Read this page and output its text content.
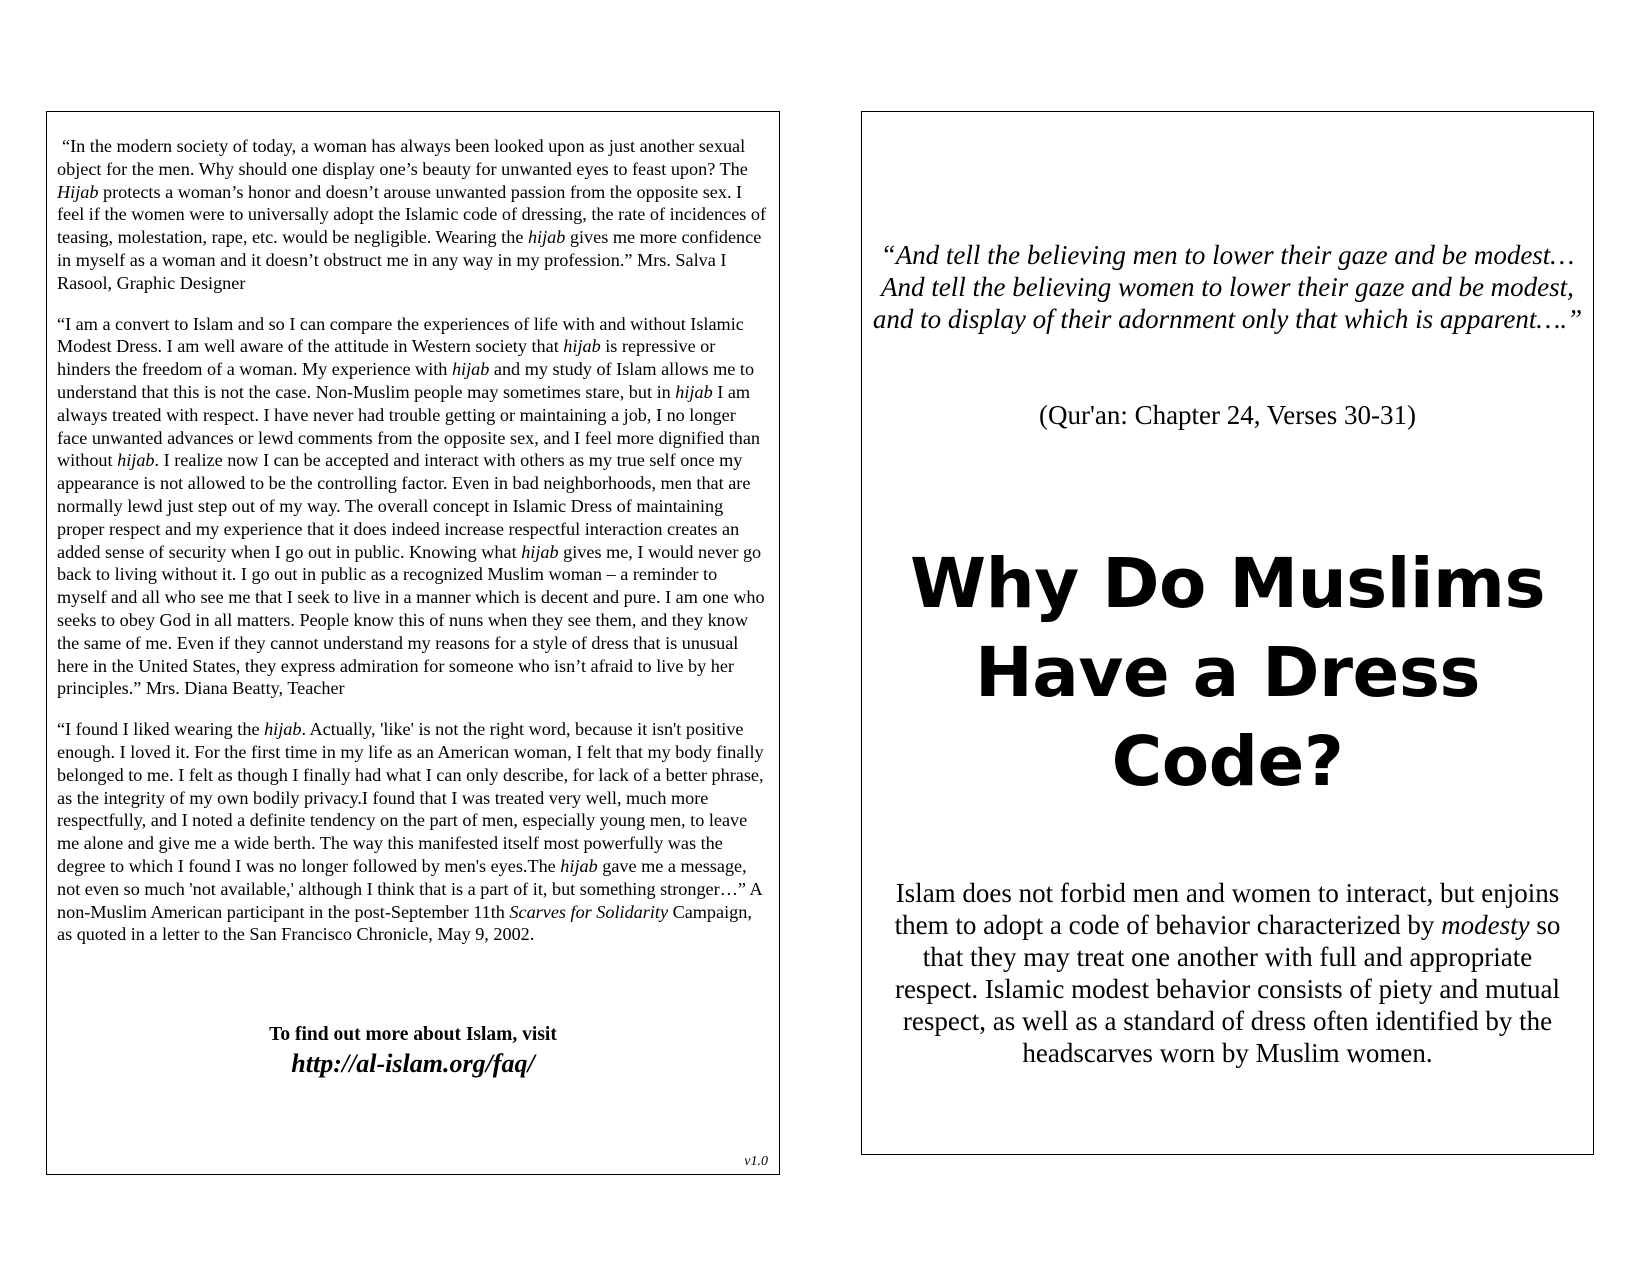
“In the modern society of today, a woman has always been looked upon as just another sexual object for the men. Why should one display one’s beauty for unwanted eyes to feast upon? The Hijab protects a woman’s honor and doesn’t arouse unwanted passion from the opposite sex. I feel if the women were to universally adopt the Islamic code of dressing, the rate of incidences of teasing, molestation, rape, etc. would be negligible. Wearing the hijab gives me more confidence in myself as a woman and it doesn’t obstruct me in any way in my profession.” Mrs. Salva I Rasool, Graphic Designer

“I am a convert to Islam and so I can compare the experiences of life with and without Islamic Modest Dress. I am well aware of the attitude in Western society that hijab is repressive or hinders the freedom of a woman. My experience with hijab and my study of Islam allows me to understand that this is not the case. Non-Muslim people may sometimes stare, but in hijab I am always treated with respect. I have never had trouble getting or maintaining a job, I no longer face unwanted advances or lewd comments from the opposite sex, and I feel more dignified than without hijab. I realize now I can be accepted and interact with others as my true self once my appearance is not allowed to be the controlling factor. Even in bad neighborhoods, men that are normally lewd just step out of my way. The overall concept in Islamic Dress of maintaining proper respect and my experience that it does indeed increase respectful interaction creates an added sense of security when I go out in public. Knowing what hijab gives me, I would never go back to living without it. I go out in public as a recognized Muslim woman – a reminder to myself and all who see me that I seek to live in a manner which is decent and pure. I am one who seeks to obey God in all matters. People know this of nuns when they see them, and they know the same of me. Even if they cannot understand my reasons for a style of dress that is unusual here in the United States, they express admiration for someone who isn’t afraid to live by her principles.” Mrs. Diana Beatty, Teacher

“I found I liked wearing the hijab. Actually, 'like' is not the right word, because it isn't positive enough. I loved it. For the first time in my life as an American woman, I felt that my body finally belonged to me. I felt as though I finally had what I can only describe, for lack of a better phrase, as the integrity of my own bodily privacy.I found that I was treated very well, much more respectfully, and I noted a definite tendency on the part of men, especially young men, to leave me alone and give me a wide berth. The way this manifested itself most powerfully was the degree to which I found I was no longer followed by men's eyes.The hijab gave me a message, not even so much 'not available,' although I think that is a part of it, but something stronger…” A non-Muslim American participant in the post-September 11th Scarves for Solidarity Campaign, as quoted in a letter to the San Francisco Chronicle, May 9, 2002.

To find out more about Islam, visit
http://al-islam.org/faq/
v1.0
“And tell the believing men to lower their gaze and be modest…And tell the believing women to lower their gaze and be modest, and to display of their adornment only that which is apparent….”
(Qur'an: Chapter 24, Verses 30-31)
Why Do Muslims
Have a Dress Code?
Islam does not forbid men and women to interact, but enjoins them to adopt a code of behavior characterized by modesty so that they may treat one another with full and appropriate respect. Islamic modest behavior consists of piety and mutual respect, as well as a standard of dress often identified by the headscarves worn by Muslim women.
